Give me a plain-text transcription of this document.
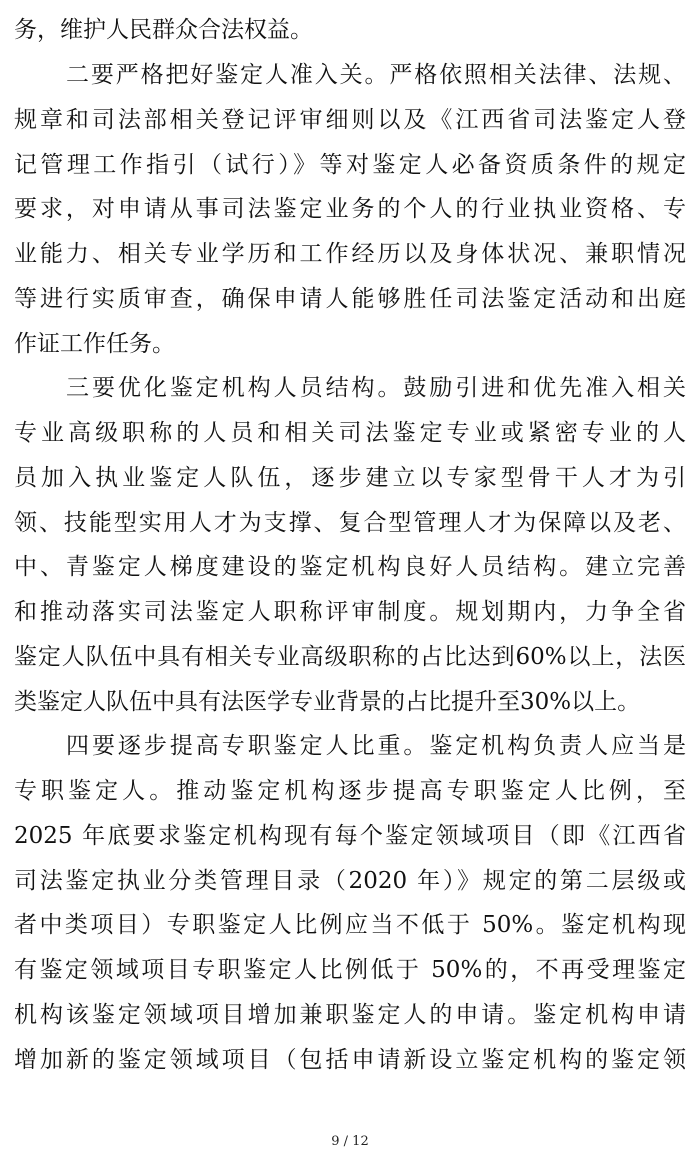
务，维护人民群众合法权益。
二要严格把好鉴定人准入关。严格依照相关法律、法规、
规章和司法部相关登记评审细则以及《江西省司法鉴定人登
记管理工作指引（试行）》等对鉴定人必备资质条件的规定
要求，对申请从事司法鉴定业务的个人的行业执业资格、专
业能力、相关专业学历和工作经历以及身体状况、兼职情况
等进行实质审查，确保申请人能够胜任司法鉴定活动和出庭
作证工作任务。
三要优化鉴定机构人员结构。鼓励引进和优先准入相关
专业高级职称的人员和相关司法鉴定专业或紧密专业的人
员加入执业鉴定人队伍，逐步建立以专家型骨干人才为引
领、技能型实用人才为支撑、复合型管理人才为保障以及老、
中、青鉴定人梯度建设的鉴定机构良好人员结构。建立完善
和推动落实司法鉴定人职称评审制度。规划期内，力争全省
鉴定人队伍中具有相关专业高级职称的占比达到60%以上，法医
类鉴定人队伍中具有法医学专业背景的占比提升至30%以上。
四要逐步提高专职鉴定人比重。鉴定机构负责人应当是
专职鉴定人。推动鉴定机构逐步提高专职鉴定人比例，至
2025 年底要求鉴定机构现有每个鉴定领域项目（即《江西省
司法鉴定执业分类管理目录（2020 年）》规定的第二层级或
者中类项目）专职鉴定人比例应当不低于 50%。鉴定机构现
有鉴定领域项目专职鉴定人比例低于 50%的，不再受理鉴定
机构该鉴定领域项目增加兼职鉴定人的申请。鉴定机构申请
增加新的鉴定领域项目（包括申请新设立鉴定机构的鉴定领
9 / 12
